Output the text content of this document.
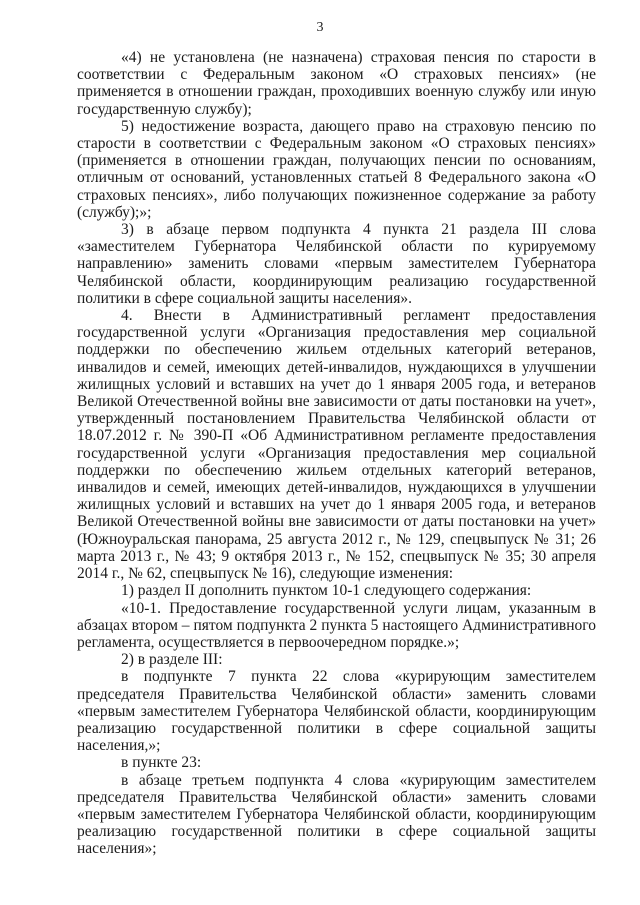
3

«4) не установлена (не назначена) страховая пенсия по старости в соответствии с Федеральным законом «О страховых пенсиях» (не применяется в отношении граждан, проходивших военную службу или иную государственную службу);

5) недостижение возраста, дающего право на страховую пенсию по старости в соответствии с Федеральным законом «О страховых пенсиях» (применяется в отношении граждан, получающих пенсии по основаниям, отличным от оснований, установленных статьей 8 Федерального закона «О страховых пенсиях», либо получающих пожизненное содержание за работу (службу);»;

3) в абзаце первом подпункта 4 пункта 21 раздела III слова «заместителем Губернатора Челябинской области по курируемому направлению» заменить словами «первым заместителем Губернатора Челябинской области, координирующим реализацию государственной политики в сфере социальной защиты населения».

4. Внести в Административный регламент предоставления государственной услуги «Организация предоставления мер социальной поддержки по обеспечению жильем отдельных категорий ветеранов, инвалидов и семей, имеющих детей-инвалидов, нуждающихся в улучшении жилищных условий и вставших на учет до 1 января 2005 года, и ветеранов Великой Отечественной войны вне зависимости от даты постановки на учет», утвержденный постановлением Правительства Челябинской области от 18.07.2012 г. № 390-П «Об Административном регламенте предоставления государственной услуги «Организация предоставления мер социальной поддержки по обеспечению жильем отдельных категорий ветеранов, инвалидов и семей, имеющих детей-инвалидов, нуждающихся в улучшении жилищных условий и вставших на учет до 1 января 2005 года, и ветеранов Великой Отечественной войны вне зависимости от даты постановки на учет» (Южноуральская панорама, 25 августа 2012 г., № 129, спецвыпуск № 31; 26 марта 2013 г., № 43; 9 октября 2013 г., № 152, спецвыпуск № 35; 30 апреля 2014 г., № 62, спецвыпуск № 16), следующие изменения:

1) раздел II дополнить пунктом 10-1 следующего содержания:

«10-1. Предоставление государственной услуги лицам, указанным в абзацах втором – пятом подпункта 2 пункта 5 настоящего Административного регламента, осуществляется в первоочередном порядке.»;

2) в разделе III:

в подпункте 7 пункта 22 слова «курирующим заместителем председателя Правительства Челябинской области» заменить словами «первым заместителем Губернатора Челябинской области, координирующим реализацию государственной политики в сфере социальной защиты населения,»;

в пункте 23:

в абзаце третьем подпункта 4 слова «курирующим заместителем председателя Правительства Челябинской области» заменить словами «первым заместителем Губернатора Челябинской области, координирующим реализацию государственной политики в сфере социальной защиты населения»;
